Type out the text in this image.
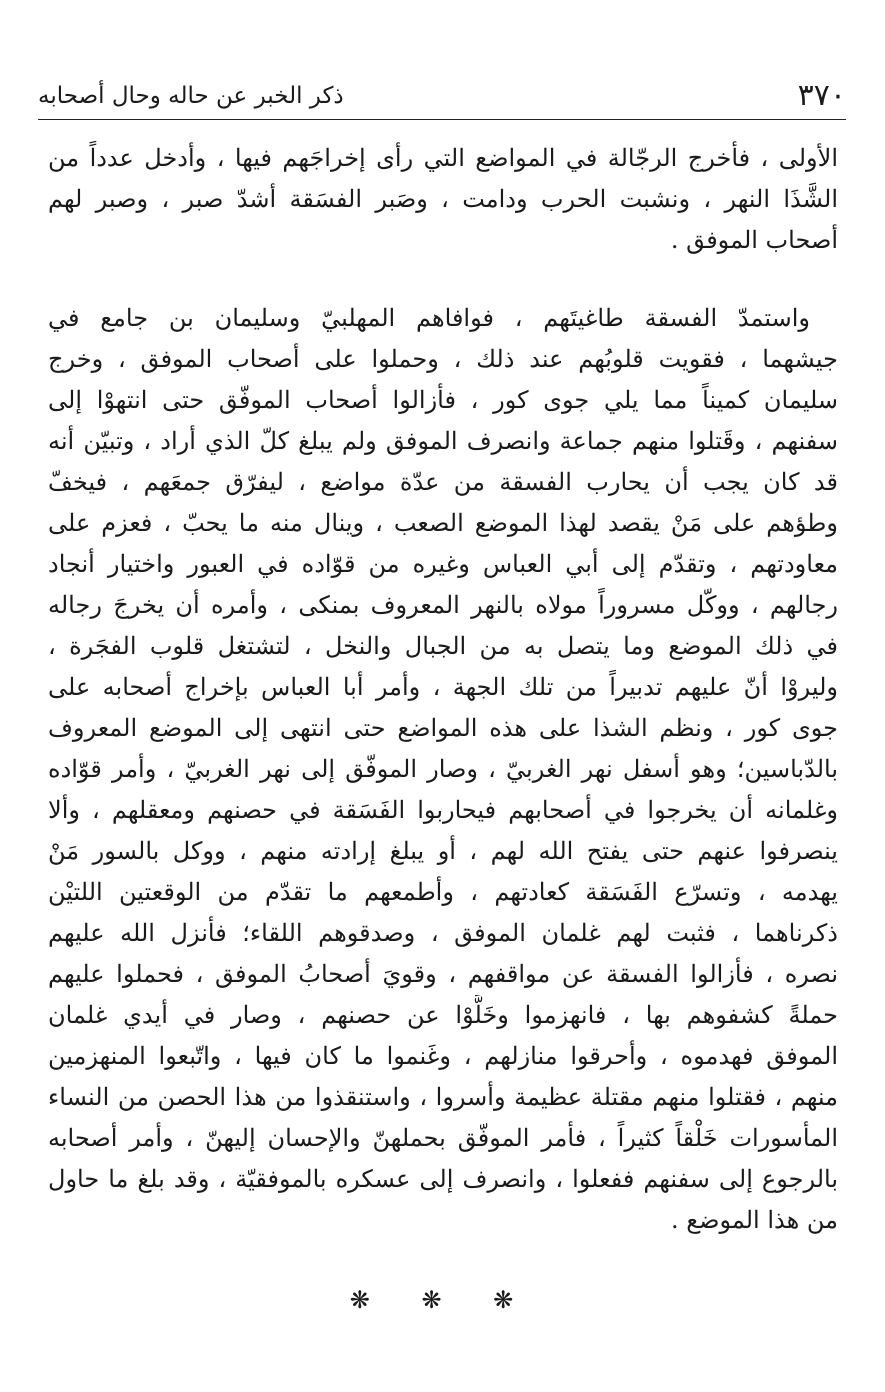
٣٧٠
ذكر الخبر عن حاله وحال أصحابه
الأولى ، فأخرج الرجّالة في المواضع التي رأى إخراجَهم فيها ، وأدخل عدداً من
الشَّذَا النهر ، ونشبت الحرب ودامت ، وصَبر الفسَقة أشدّ صبر ، وصبر لهم
أصحاب الموفق .
واستمدّ الفسقة طاغيتَهم ، فوافاهم المهلبيّ وسليمان بن جامع في
جيشهما ، فقويت قلوبُهم عند ذلك ، وحملوا على أصحاب الموفق ، وخرج
سليمان كميناً مما يلي جوى كور ، فأزالوا أصحاب الموفّق حتى انتهوْا إلى
سفنهم ، وقَتلوا منهم جماعة وانصرف الموفق ولم يبلغ كلّ الذي أراد ، وتبيّن أنه
قد كان يجب أن يحارب الفسقة من عدّة مواضع ، ليفرّق جمعَهم ، فيخفّ
وطؤهم على مَنْ يقصد لهذا الموضع الصعب ، وينال منه ما يحبّ ، فعزم على
معاودتهم ، وتقدّم إلى أبي العباس وغيره من قوّاده في العبور واختيار أنجاد
رجالهم ، ووكّل مسروراً مولاه بالنهر المعروف بمنكى ، وأمره أن يخرجَ رجاله
في ذلك الموضع وما يتصل به من الجبال والنخل ، لتشتغل قلوب الفجَرة ،
وليروْا أنّ عليهم تدبيراً من تلك الجهة ، وأمر أبا العباس بإخراج أصحابه على
جوى كور ، ونظم الشذا على هذه المواضع حتى انتهى إلى الموضع المعروف
بالدّباسين؛ وهو أسفل نهر الغربيّ ، وصار الموفّق إلى نهر الغربيّ ، وأمر قوّاده
وغلمانه أن يخرجوا في أصحابهم فيحاربوا الفَسَقة في حصنهم ومعقلهم ، وألا
ينصرفوا عنهم حتى يفتح الله لهم ، أو يبلغ إرادته منهم ، ووكل بالسور مَنْ
يهدمه ، وتسرّع الفَسَقة كعادتهم ، وأطمعهم ما تقدّم من الوقعتين اللتيْن
ذكرناهما ، فثبت لهم غلمان الموفق ، وصدقوهم اللقاء؛ فأنزل الله عليهم
نصره ، فأزالوا الفسقة عن مواقفهم ، وقويَ أصحابُ الموفق ، فحملوا عليهم
حملةً كشفوهم بها ، فانهزموا وخَلَّوْا عن حصنهم ، وصار في أيدي غلمان
الموفق فهدموه ، وأحرقوا منازلهم ، وغَنموا ما كان فيها ، واتّبعوا المنهزمين
منهم ، فقتلوا منهم مقتلة عظيمة وأسروا ، واستنقذوا من هذا الحصن من النساء
المأسورات خَلْقاً كثيراً ، فأمر الموفّق بحملهنّ والإحسان إليهنّ ، وأمر أصحابه
بالرجوع إلى سفنهم ففعلوا ، وانصرف إلى عسكره بالموفقيّة ، وقد بلغ ما حاول
من هذا الموضع .
❋ ❋ ❋
